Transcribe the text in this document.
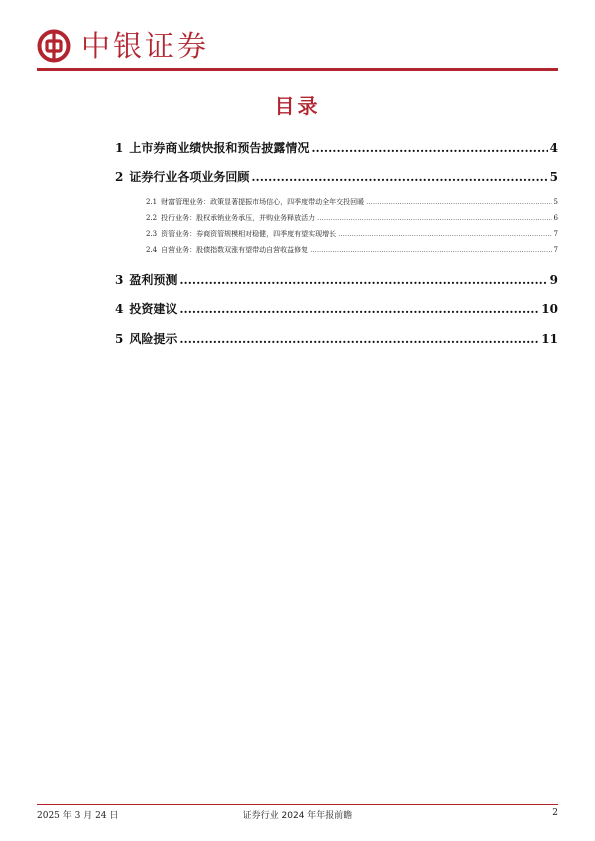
中银证券
目录
1 上市券商业绩快报和预告披露情况 .....	4
2 证券行业各项业务回顾 .....	5
2.1 财富管理业务：政策显著提振市场信心，四季度带动全年交投回暖 .....	5
2.2 投行业务：股权承销业务承压，并购业务释放活力 .....	6
2.3 资管业务：券商资管规模相对稳健，四季度有望实现增长 .....	7
2.4 自营业务：股债指数双涨有望带动自营收益修复 .....	7
3 盈利预测 .....	9
4 投资建议 .....	10
5 风险提示 .....	11
2025 年 3 月 24 日	证券行业 2024 年年报前瞻	2
